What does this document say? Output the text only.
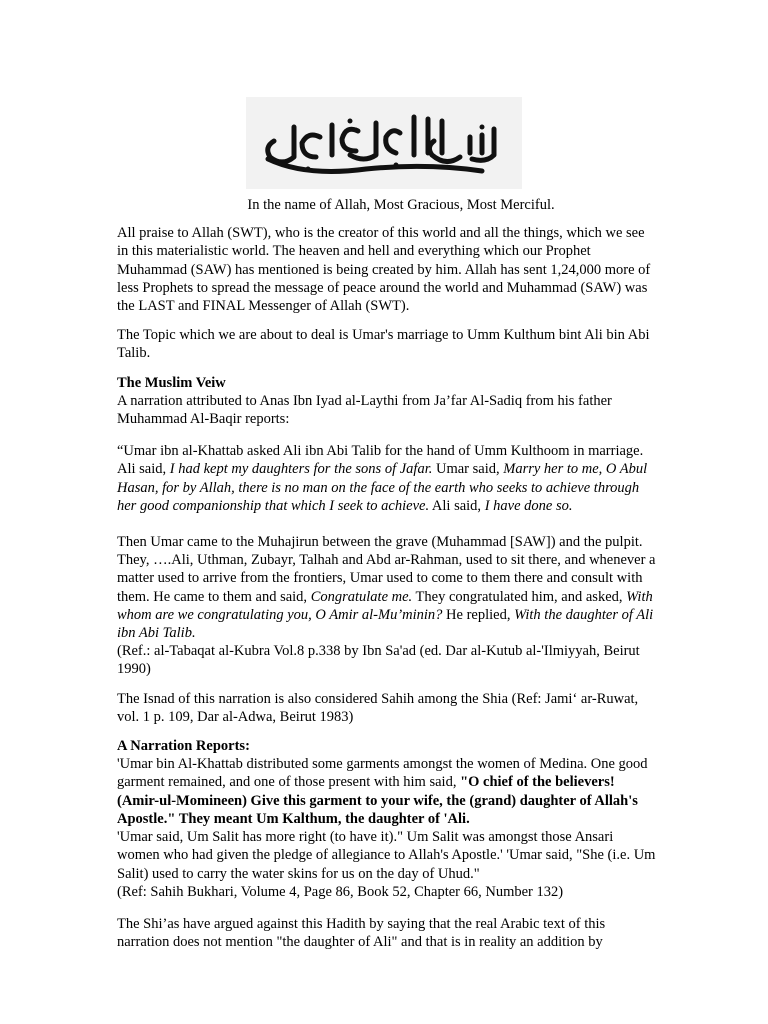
In the name of Allah, Most Gracious, Most Merciful.

All praise to Allah (SWT), who is the creator of this world and all the things, which we see in this materialistic world. The heaven and hell and everything which our Prophet Muhammad (SAW) has mentioned is being created by him. Allah has sent 1,24,000 more of less Prophets to spread the message of peace around the world and Muhammad (SAW) was the LAST and FINAL Messenger of Allah (SWT).

The Topic which we are about to deal is Umar's marriage to Umm Kulthum bint Ali bin Abi Talib.

The Muslim Veiw
A narration attributed to Anas Ibn Iyad al-Laythi from Ja’far Al-Sadiq from his father Muhammad Al-Baqir reports:
“Umar ibn al-Khattab asked Ali ibn Abi Talib for the hand of Umm Kulthoom in marriage. Ali said, I had kept my daughters for the sons of Jafar. Umar said, Marry her to me, O Abul Hasan, for by Allah, there is no man on the face of the earth who seeks to achieve through her good companionship that which I seek to achieve. Ali said, I have done so.

Then Umar came to the Muhajirun between the grave (Muhammad [SAW]) and the pulpit. They, ….Ali, Uthman, Zubayr, Talhah and Abd ar-Rahman, used to sit there, and whenever a matter used to arrive from the frontiers, Umar used to come to them there and consult with them. He came to them and said, Congratulate me. They congratulated him, and asked, With whom are we congratulating you, O Amir al-Mu’minin? He replied, With the daughter of Ali ibn Abi Talib.
(Ref.: al-Tabaqat al-Kubra Vol.8 p.338 by Ibn Sa'ad (ed. Dar al-Kutub al-'Ilmiyyah, Beirut 1990)

The Isnad of this narration is also considered Sahih among the Shia (Ref: Jami‘ ar-Ruwat, vol. 1 p. 109, Dar al-Adwa, Beirut 1983)

A Narration Reports:
'Umar bin Al-Khattab distributed some garments amongst the women of Medina. One good garment remained, and one of those present with him said, "O chief of the believers! (Amir-ul-Momineen) Give this garment to your wife, the (grand) daughter of Allah's Apostle." They meant Um Kalthum, the daughter of 'Ali.
'Umar said, Um Salit has more right (to have it)." Um Salit was amongst those Ansari women who had given the pledge of allegiance to Allah's Apostle.' 'Umar said, "She (i.e. Um Salit) used to carry the water skins for us on the day of Uhud."
(Ref: Sahih Bukhari, Volume 4, Page 86, Book 52, Chapter 66, Number 132)

The Shi’as have argued against this Hadith by saying that the real Arabic text of this narration does not mention "the daughter of Ali" and that is in reality an addition by
